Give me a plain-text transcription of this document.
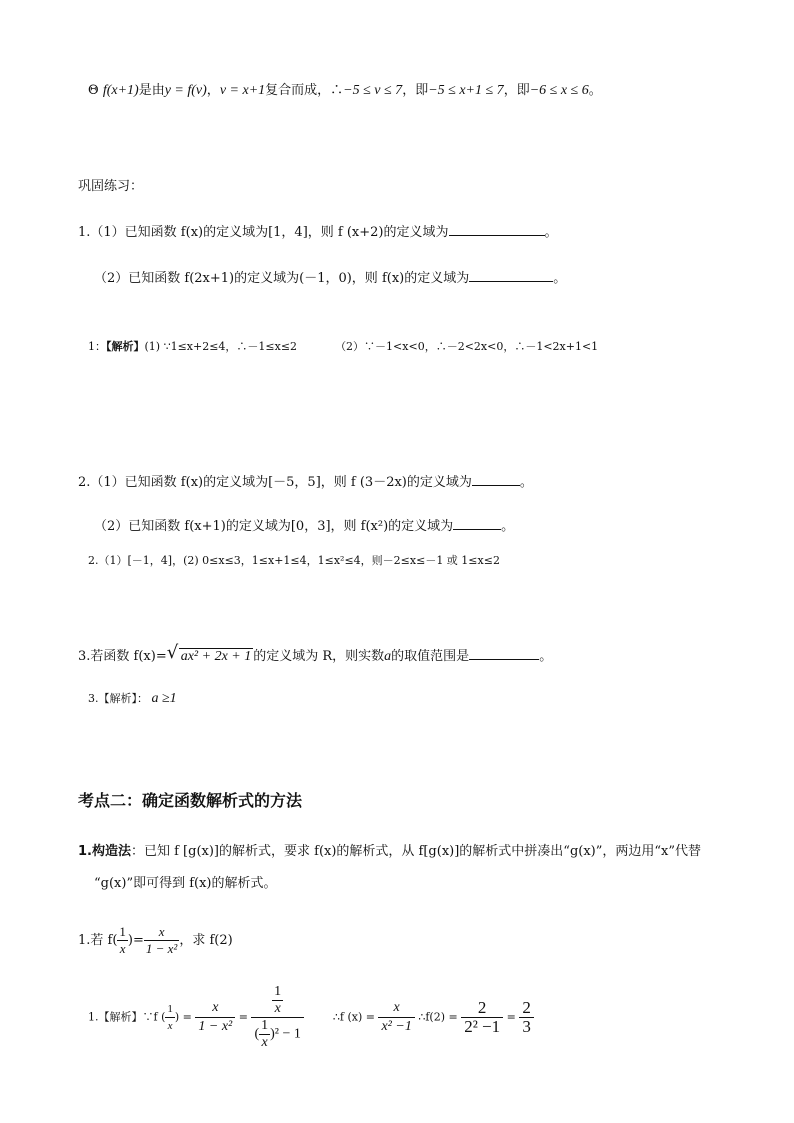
Θ f(x+1)是由y = f(v)，v = x+1复合而成，∴−5 ≤ v ≤ 7，即−5 ≤ x+1 ≤ 7，即−6 ≤ x ≤ 6。
巩固练习：
1.（1）已知函数 f(x)的定义域为[1，4]，则 f (x+2)的定义域为	。
（2）已知函数 f(2x+1)的定义域为(－1，0)，则 f(x)的定义域为	。
1：【解析】(1) ∵1≤x+2≤4，∴－1≤x≤2	（2）∵－1<x<0，∴－2<2x<0，∴－1<2x+1<1
2.（1）已知函数 f(x)的定义域为[－5，5]，则 f (3－2x)的定义域为	。
（2）已知函数 f(x+1)的定义域为[0，3]，则 f(x²)的定义域为	。
2.（1）[－1，4]，(2) 0≤x≤3，1≤x+1≤4，1≤x²≤4，则－2≤x≤－1 或 1≤x≤2
3.若函数 f(x)= √ ax² + 2x + 1 的定义域为 R，则实数a的取值范围是	。
3.【解析】： a ≥1
考点二：确定函数解析式的方法
1.构造法：已知 f [g(x)]的解析式，要求 f(x)的解析式，从 f[g(x)]的解析式中拼凑出“g(x)”，两边用“x”代替
“g(x)”即可得到 f(x)的解析式。
1.若 $f( \frac{1}{x}$ )= $\frac{x}{\text{1 − x²}}$ ，求 f(2)
1.【解析】∵f ( $\frac{1}{x}$ ) = $\frac{x}{\text{1 − x²}} = \frac{\frac{1}{x}}{( \frac{1}{x} )^2 - 1}$	∴f $(x) = \frac{x}{\text{x² −1}}$ ∴f(2) = $\frac{2}{\text{2² −1}} = \frac{2}{3}$
